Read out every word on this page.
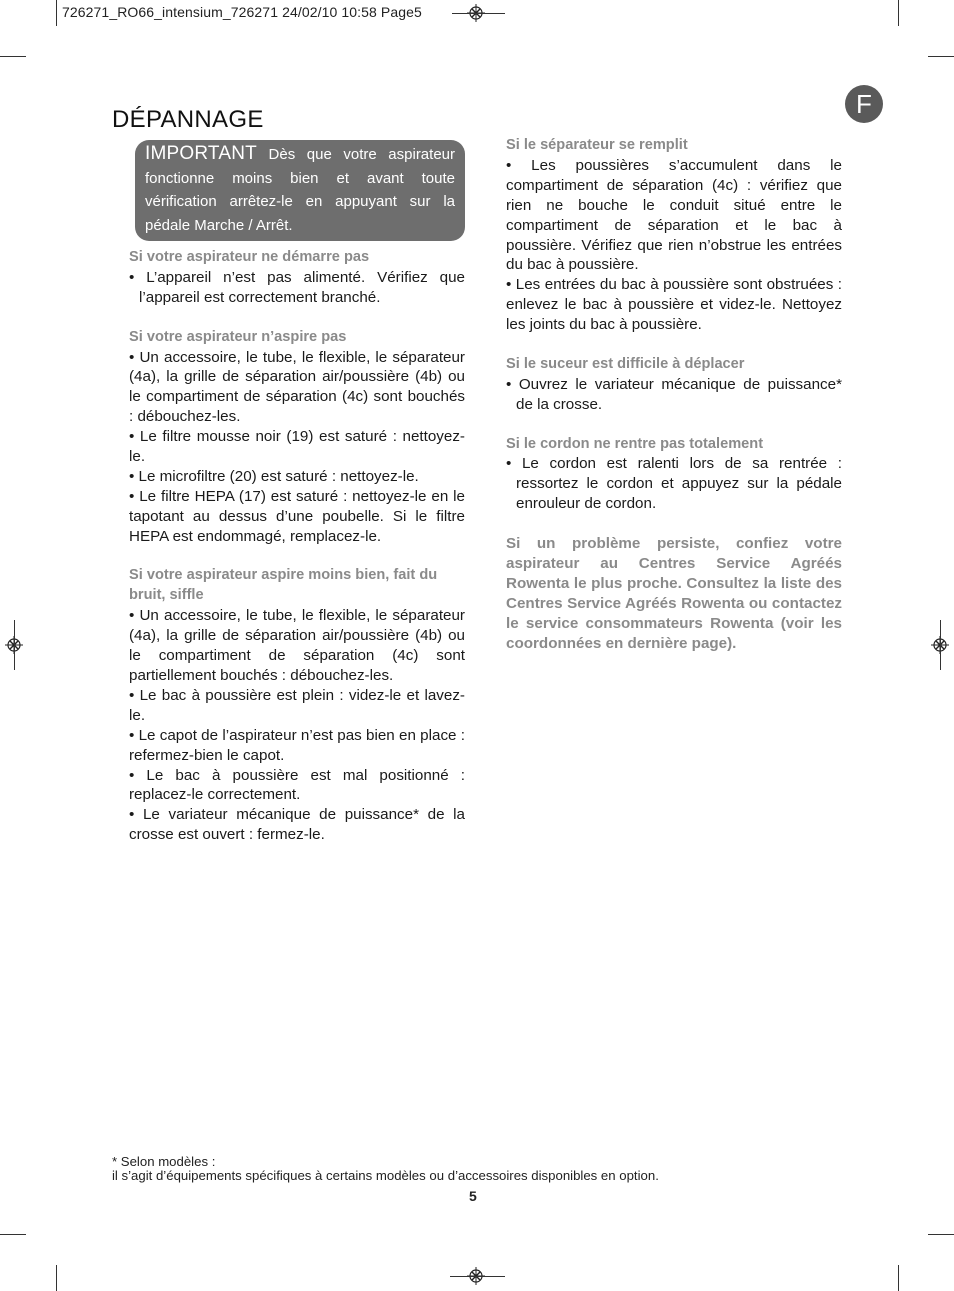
726271_RO66_intensium_726271 24/02/10 10:58 Page5
F
DÉPANNAGE
IMPORTANT Dès que votre aspirateur fonctionne moins bien et avant toute vérification arrêtez-le en appuyant sur la pédale Marche / Arrêt.
Si votre aspirateur ne démarre pas

• L’appareil n’est pas alimenté. Vérifiez que l’appareil est correctement branché.

Si votre aspirateur n’aspire pas

• Un accessoire, le tube, le flexible, le séparateur (4a), la grille de séparation air/poussière (4b) ou le compartiment de séparation (4c) sont bouchés : débouchez-les.

• Le filtre mousse noir (19) est saturé : nettoyez-le.

• Le microfiltre (20) est saturé : nettoyez-le.

• Le filtre HEPA (17) est saturé : nettoyez-le en le tapotant au dessus d’une poubelle. Si le filtre HEPA est endommagé, remplacez-le.

Si votre aspirateur aspire moins bien, fait du bruit, siffle

• Un accessoire, le tube, le flexible, le séparateur (4a), la grille de séparation air/poussière (4b) ou le compartiment de séparation (4c) sont partiellement bouchés : débouchez-les.

• Le bac à poussière est plein : videz-le et lavez-le.

• Le capot de l’aspirateur n’est pas bien en place : refermez-bien le capot.

• Le bac à poussière est mal positionné : replacez-le correctement.

• Le variateur mécanique de puissance* de la crosse est ouvert : fermez-le.

Si le séparateur se remplit

• Les poussières s’accumulent dans le compartiment de séparation (4c) : vérifiez que rien ne bouche le conduit situé entre le compartiment de séparation et le bac à poussière. Vérifiez que rien n’obstrue les entrées du bac à poussière.

• Les entrées du bac à poussière sont obstruées : enlevez le bac à poussière et videz-le. Nettoyez les joints du bac à poussière.

Si le suceur est difficile à déplacer

• Ouvrez le variateur mécanique de puissance* de la crosse.

Si le cordon ne rentre pas totalement

• Le cordon est ralenti lors de sa rentrée : ressortez le cordon et appuyez sur la pédale enrouleur de cordon.

Si un problème persiste, confiez votre aspirateur au Centres Service Agréés Rowenta le plus proche. Consultez la liste des Centres Service Agréés Rowenta ou contactez le service consommateurs Rowenta (voir les coordonnées en dernière page).

* Selon modèles :
il s’agit d’équipements spécifiques à certains modèles ou d’accessoires disponibles en option.
5
